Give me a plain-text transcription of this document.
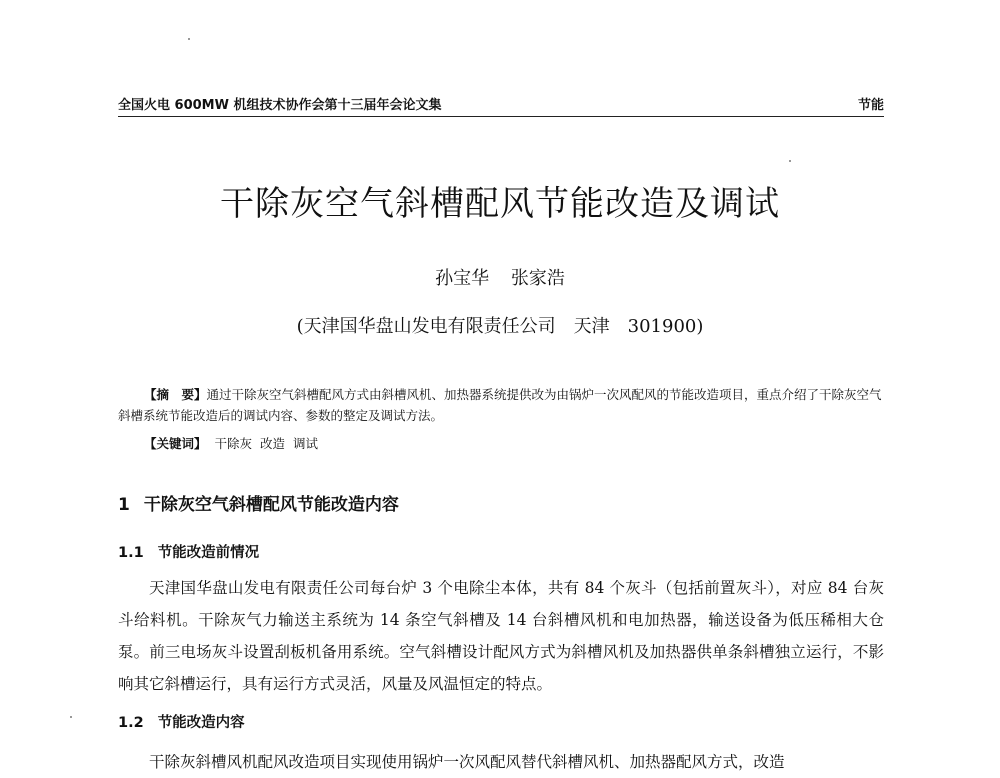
全国火电 600MW 机组技术协作会第十三届年会论文集	节能
干除灰空气斜槽配风节能改造及调试
孙宝华 张家浩
(天津国华盘山发电有限责任公司　天津　301900)
【摘　要】通过干除灰空气斜槽配风方式由斜槽风机、加热器系统提供改为由锅炉一次风配风的节能改造项目，重点介绍了干除灰空气斜槽系统节能改造后的调试内容、参数的整定及调试方法。
【关键词】 干除灰 改造 调试
1 干除灰空气斜槽配风节能改造内容
1.1 节能改造前情况
天津国华盘山发电有限责任公司每台炉 3 个电除尘本体，共有 84 个灰斗（包括前置灰斗），对应 84 台灰斗给料机。干除灰气力输送主系统为 14 条空气斜槽及 14 台斜槽风机和电加热器，输送设备为低压稀相大仓泵。前三电场灰斗设置刮板机备用系统。空气斜槽设计配风方式为斜槽风机及加热器供单条斜槽独立运行，不影响其它斜槽运行，具有运行方式灵活，风量及风温恒定的特点。
1.2 节能改造内容
干除灰斜槽风机配风改造项目实现使用锅炉一次风配风替代斜槽风机、加热器配风方式，改造
